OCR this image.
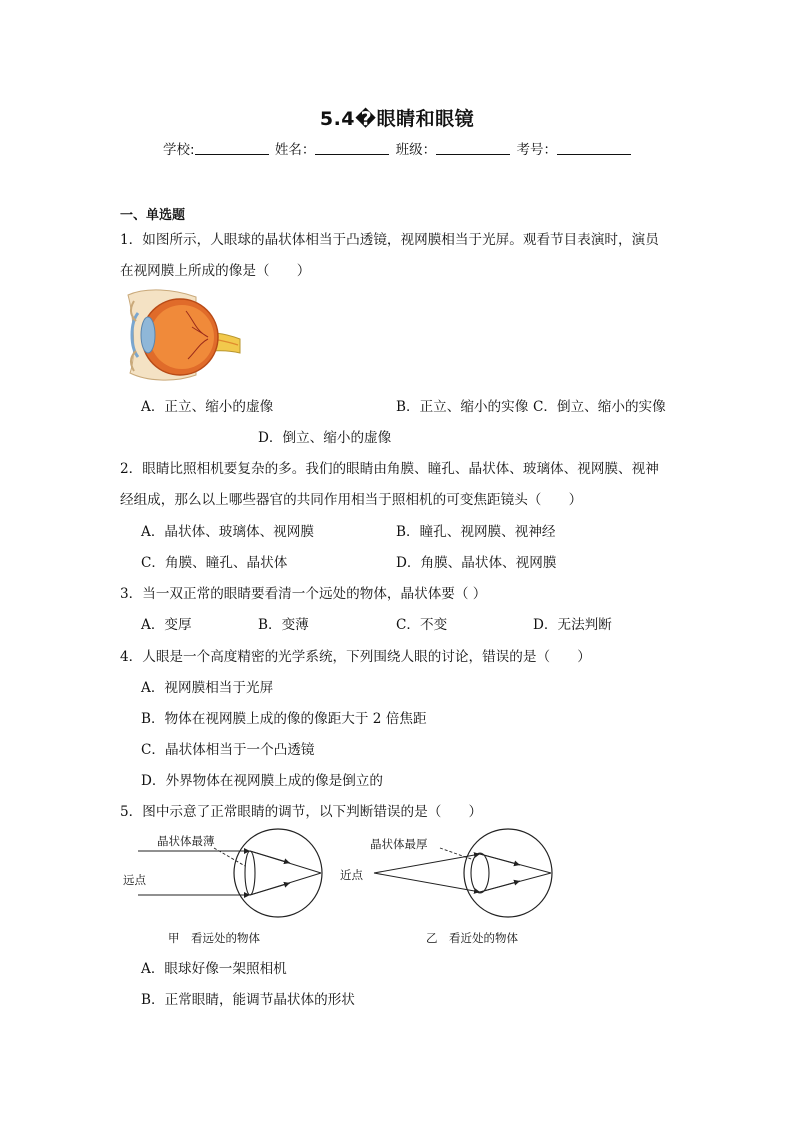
5.4�眼睛和眼镜
学校:	姓名：	班级：	考号：
一、单选题
1．如图所示，人眼球的晶状体相当于凸透镜，视网膜相当于光屏。观看节目表演时，演员
在视网膜上所成的像是（　　）
A．正立、缩小的虚像	B．正立、缩小的实像 C．倒立、缩小的实像
D．倒立、缩小的虚像
2．眼睛比照相机要复杂的多。我们的眼睛由角膜、瞳孔、晶状体、玻璃体、视网膜、视神
经组成，那么以上哪些器官的共同作用相当于照相机的可变焦距镜头（　　）
A．晶状体、玻璃体、视网膜	B．瞳孔、视网膜、视神经
C．角膜、瞳孔、晶状体	D．角膜、晶状体、视网膜
3．当一双正常的眼睛要看清一个远处的物体，晶状体要（ ）
A．变厚	B．变薄	C．不变	D．无法判断
4．人眼是一个高度精密的光学系统，下列围绕人眼的讨论，错误的是（　　）
A．视网膜相当于光屏
B．物体在视网膜上成的像的像距大于 2 倍焦距
C．晶状体相当于一个凸透镜
D．外界物体在视网膜上成的像是倒立的
5．图中示意了正常眼睛的调节，以下判断错误的是（　　）
晶状体最薄
远点
甲　看远处的物体
晶状体最厚
近点
乙　看近处的物体
A．眼球好像一架照相机
B．正常眼睛，能调节晶状体的形状
